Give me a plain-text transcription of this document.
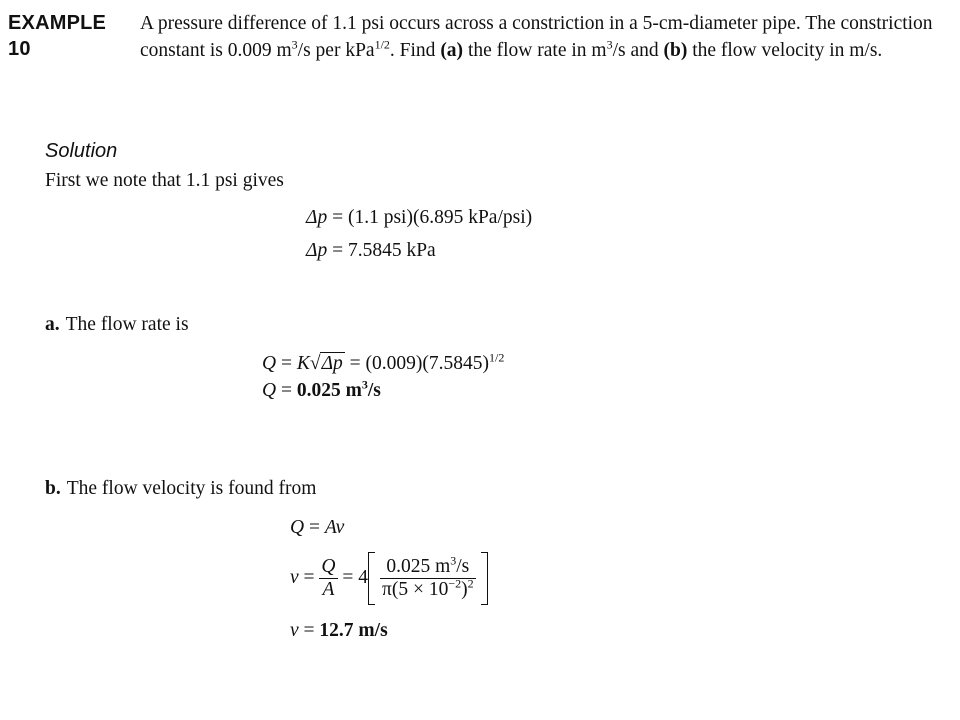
EXAMPLE
10
A pressure difference of 1.1 psi occurs across a constriction in a 5-cm-diameter pipe. The constriction constant is 0.009 $m^3/s$ per kPa$^{1/2}$. Find (a) the flow rate in $m^3/s$ and (b) the flow velocity in m/s.
Solution
First we note that 1.1 psi gives
Δp = (1.1 psi)(6.895 kPa/psi)
Δp = 7.5845 kPa
a. The flow rate is
$Q = K√\Delta p = (0.009)(7.5845)^{1/2}$
Q = 0.025 $m^3/s$
b. The flow velocity is found from
Q = Av
$v = \frac{Q}{A} = 4 \frac{0.025 m^3/s}{\pi(5 \times 10^{-2})^2}$
v = 12.7 m/s
